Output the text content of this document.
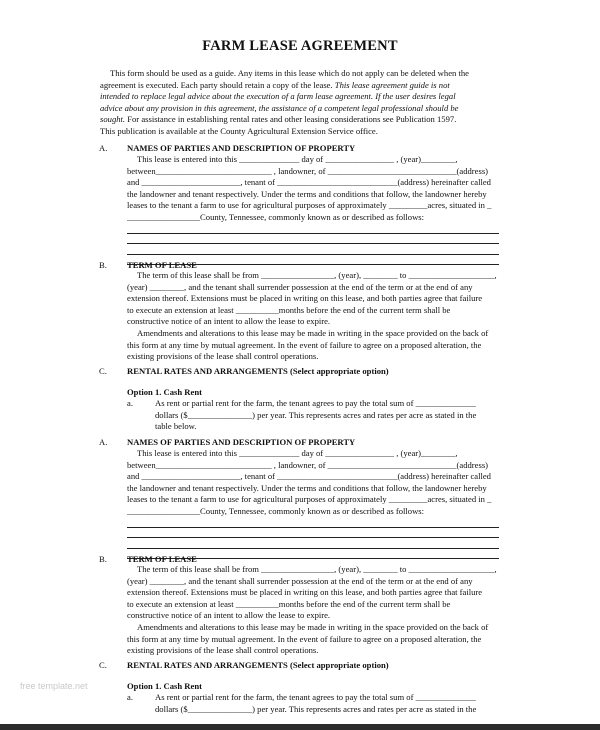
FARM LEASE AGREEMENT

This form should be used as a guide. Any items in this lease which do not apply can be deleted when the

agreement is executed. Each party should retain a copy of the lease. This lease agreement guide is not
intended to replace legal advice about the execution of a farm lease agreement. If the user desires legal
advice about any provision in this agreement, the assistance of a competent legal professional should be
sought. For assistance in establishing rental rates and other leasing considerations see Publication 1597.
This publication is available at the County Agricultural Extension Service office.
A.	NAMES OF PARTIES AND DESCRIPTION OF PROPERTY
This lease is entered into this ______________ day of ________________ , (year)________,
between___________________________ , landowner, of ______________________________(address)
and _______________________, tenant of ____________________________(address) hereinafter called
the landowner and tenant respectively. Under the terms and conditions that follow, the landowner hereby
leases to the tenant a farm to use for agricultural purposes of approximately _________acres, situated in _
_________________County, Tennessee, commonly known as or described as follows:
B.	TERM OF LEASE
The term of this lease shall be from _________________, (year), ________ to ____________________,
(year) ________, and the tenant shall surrender possession at the end of the term or at the end of any
extension thereof. Extensions must be placed in writing on this lease, and both parties agree that failure
to execute an extension at least __________months before the end of the current term shall be
constructive notice of an intent to allow the lease to expire.
Amendments and alterations to this lease may be made in writing in the space provided on the back of
this form at any time by mutual agreement. In the event of failure to agree on a proposed alteration, the
existing provisions of the lease shall control operations.
C.	RENTAL RATES AND ARRANGEMENTS (Select appropriate option)
Option 1. Cash Rent
a.	As rent or partial rent for the farm, the tenant agrees to pay the total sum of ______________
dollars ($_______________) per year. This represents acres and rates per acre as stated in the
table below.
A.	NAMES OF PARTIES AND DESCRIPTION OF PROPERTY
This lease is entered into this ______________ day of ________________ , (year)________,
between___________________________ , landowner, of ______________________________(address)
and _______________________, tenant of ____________________________(address) hereinafter called
the landowner and tenant respectively. Under the terms and conditions that follow, the landowner hereby
leases to the tenant a farm to use for agricultural purposes of approximately _________acres, situated in _
_________________County, Tennessee, commonly known as or described as follows:
B.	TERM OF LEASE
The term of this lease shall be from _________________, (year), ________ to ____________________,
(year) ________, and the tenant shall surrender possession at the end of the term or at the end of any
extension thereof. Extensions must be placed in writing on this lease, and both parties agree that failure
to execute an extension at least __________months before the end of the current term shall be
constructive notice of an intent to allow the lease to expire.
Amendments and alterations to this lease may be made in writing in the space provided on the back of
this form at any time by mutual agreement. In the event of failure to agree on a proposed alteration, the
existing provisions of the lease shall control operations.
C.	RENTAL RATES AND ARRANGEMENTS (Select appropriate option)
Option 1. Cash Rent
a.	As rent or partial rent for the farm, the tenant agrees to pay the total sum of ______________
dollars ($_______________) per year. This represents acres and rates per acre as stated in the
free template.net
